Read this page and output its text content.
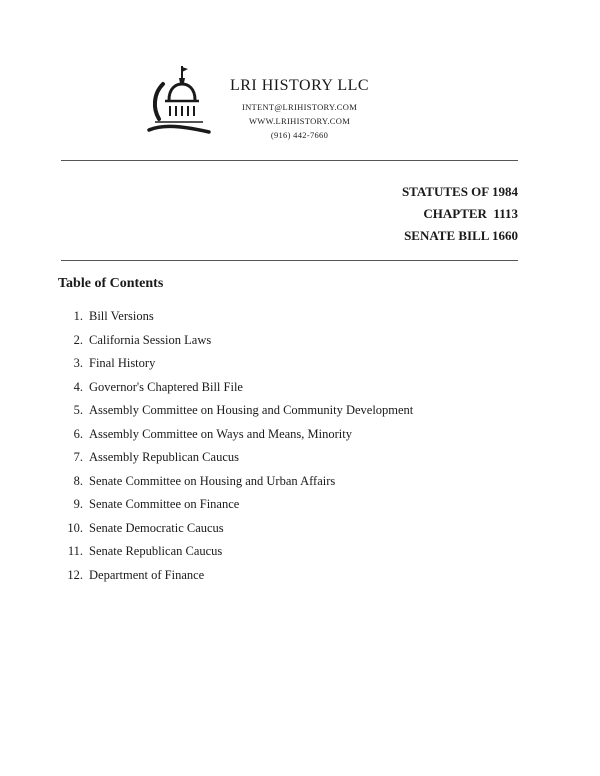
LRI HISTORY LLC
INTENT@LRIHISTORY.COM
WWW.LRIHISTORY.COM
(916) 442-7660
STATUTES OF 1984
CHAPTER  1113
SENATE BILL 1660
Table of Contents
1. Bill Versions
2. California Session Laws
3. Final History
4. Governor's Chaptered Bill File
5. Assembly Committee on Housing and Community Development
6. Assembly Committee on Ways and Means, Minority
7. Assembly Republican Caucus
8. Senate Committee on Housing and Urban Affairs
9. Senate Committee on Finance
10. Senate Democratic Caucus
11. Senate Republican Caucus
12. Department of Finance
